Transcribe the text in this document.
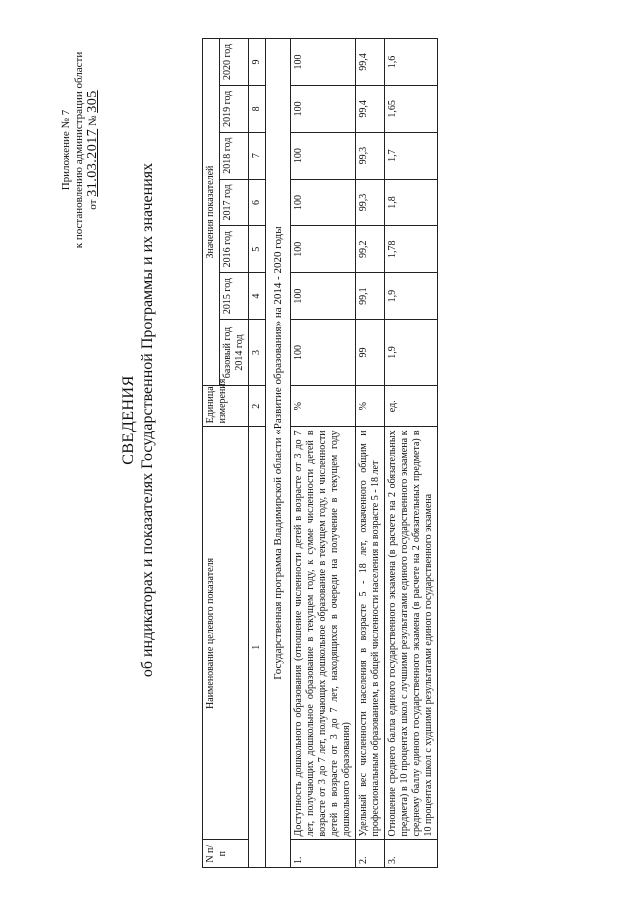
Приложение № 7 к постановлению администрации области от 31.03.2017 № 305
СВЕДЕНИЯ об индикаторах и показателях Государственной Программы и их значениях
N п/п	Наименование целевого показателя	Единица измерения	Значения показателей						
			базовый год 2014 год	2015 год	2016 год	2017 год	2018 год	2019 год	2020 год
1		2	3	4	5	6	7	8	9
Государственная программа Владимирской области «Развитие образования» на 2014 - 2020 годы									
1.	Доступность дошкольного образования (отношение численности детей в возрасте от 3 до 7 лет, получающих дошкольное образование в текущем году, к сумме численности детей в возрасте от 3 до 7 лет, получающих дошкольное образование в текущем году, и численности детей в возрасте от 3 до 7 лет, находящихся в очереди на получение в текущем году дошкольного образования)	%	100	100	100	100	100	100	100
2.	Удельный вес численности населения в возрасте 5 - 18 лет, охваченного общим и профессиональным образованием, в общей численности населения в возрасте 5 - 18 лет	%	99	99,1	99,2	99,3	99,3	99,4	99,4
3.	Отношение среднего балла единого государственного экзамена (в расчете на 2 обязательных предмета) в 10 процентах школ с лучшими результатами единого государственного экзамена к среднему баллу единого государственного экзамена (в расчете на 2 обязательных предмета) в 10 процентах школ с худшими результатами единого государственного экзамена	ед.	1,9	1,9	1,78	1,8	1,7	1,65	1,6
